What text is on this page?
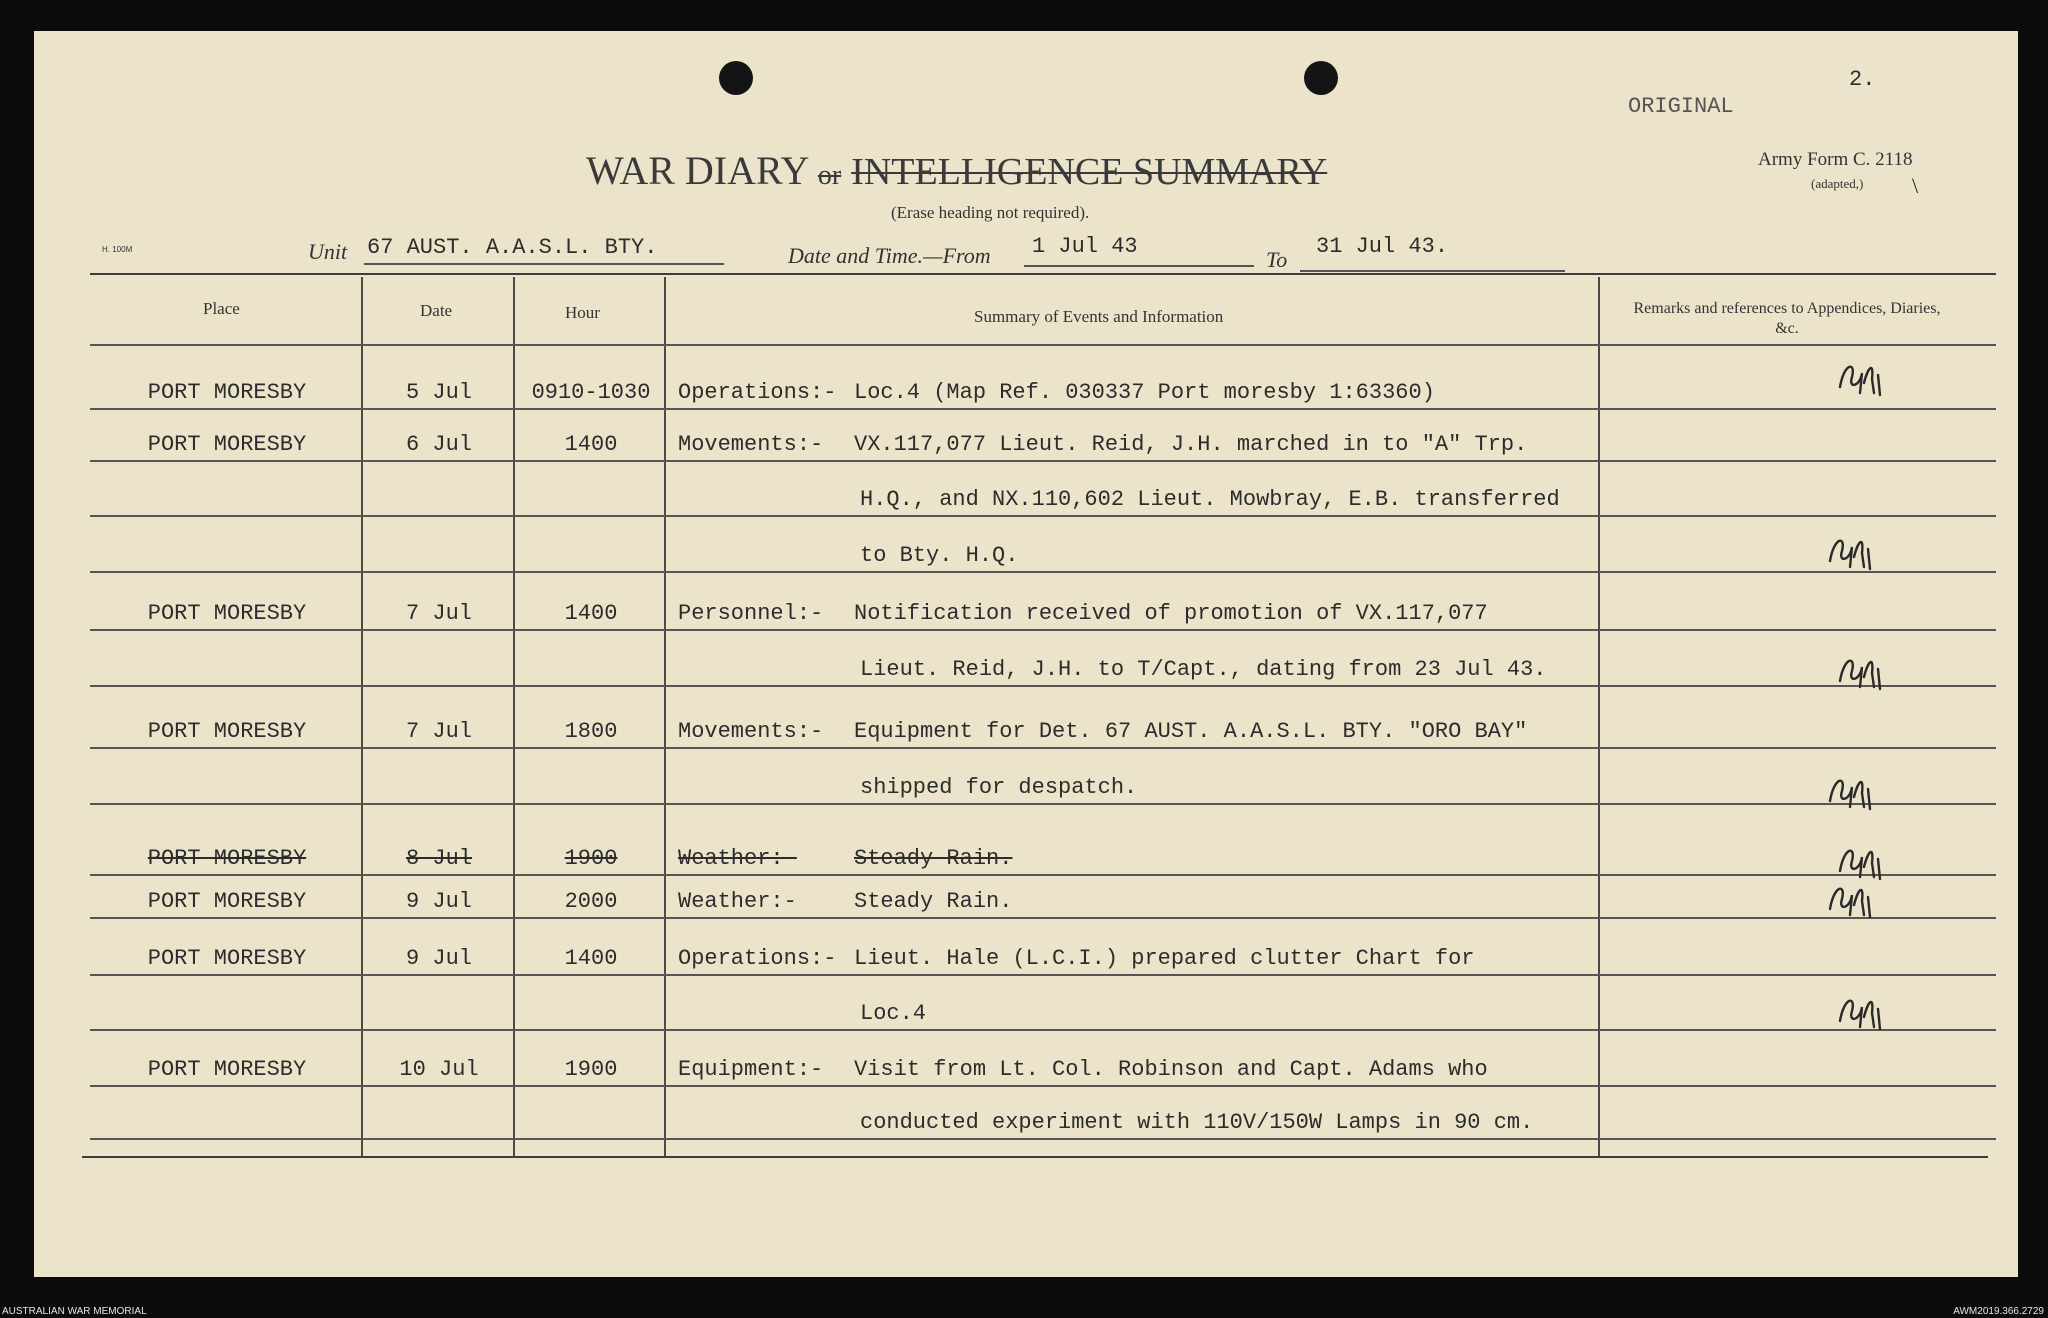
2.
ORIGINAL
Army Form C. 2118
(adapted,) \
H. 100M
WAR DIARY or INTELLIGENCE SUMMARY
(Erase heading not required).
Unit 67 AUST. A.A.S.L. BTY.	Date and Time.—From 1 Jul 43
To
31 Jul 43.
Place	Date	Hour	Summary of Events and Information	Remarks and references to Appendices, Diaries, &c.
PORT MORESBY	5 Jul	0910-1030	Operations:- Loc.4 (Map Ref. 030337 Port moresby 1:63360)
PORT MORESBY	6 Jul	1400	Movements:- VX.117,077 Lieut. Reid, J.H. marched in to "A" Trp.
H.Q., and NX.110,602 Lieut. Mowbray, E.B. transferred
to Bty. H.Q.
PORT MORESBY	7 Jul	1400	Personnel:- Notification received of promotion of VX.117,077
Lieut. Reid, J.H. to T/Capt., dating from 23 Jul 43.
PORT MORESBY	7 Jul	1800	Movements:- Equipment for Det. 67 AUST. A.A.S.L. BTY. "ORO BAY"
shipped for despatch.
PORT MORESBY	8 Jul	1900	Weather:-	Steady Rain.
PORT MORESBY	9 Jul	2000	Weather:-	Steady Rain.
PORT MORESBY	9 Jul	1400	Operations:- Lieut. Hale (L.C.I.) prepared clutter Chart for
Loc.4
PORT MORESBY	10 Jul	1900	Equipment:- Visit from Lt. Col. Robinson and Capt. Adams who
conducted experiment with 110V/150W Lamps in 90 cm.
AUSTRALIAN WAR MEMORIAL	AWM2019.366.2729
